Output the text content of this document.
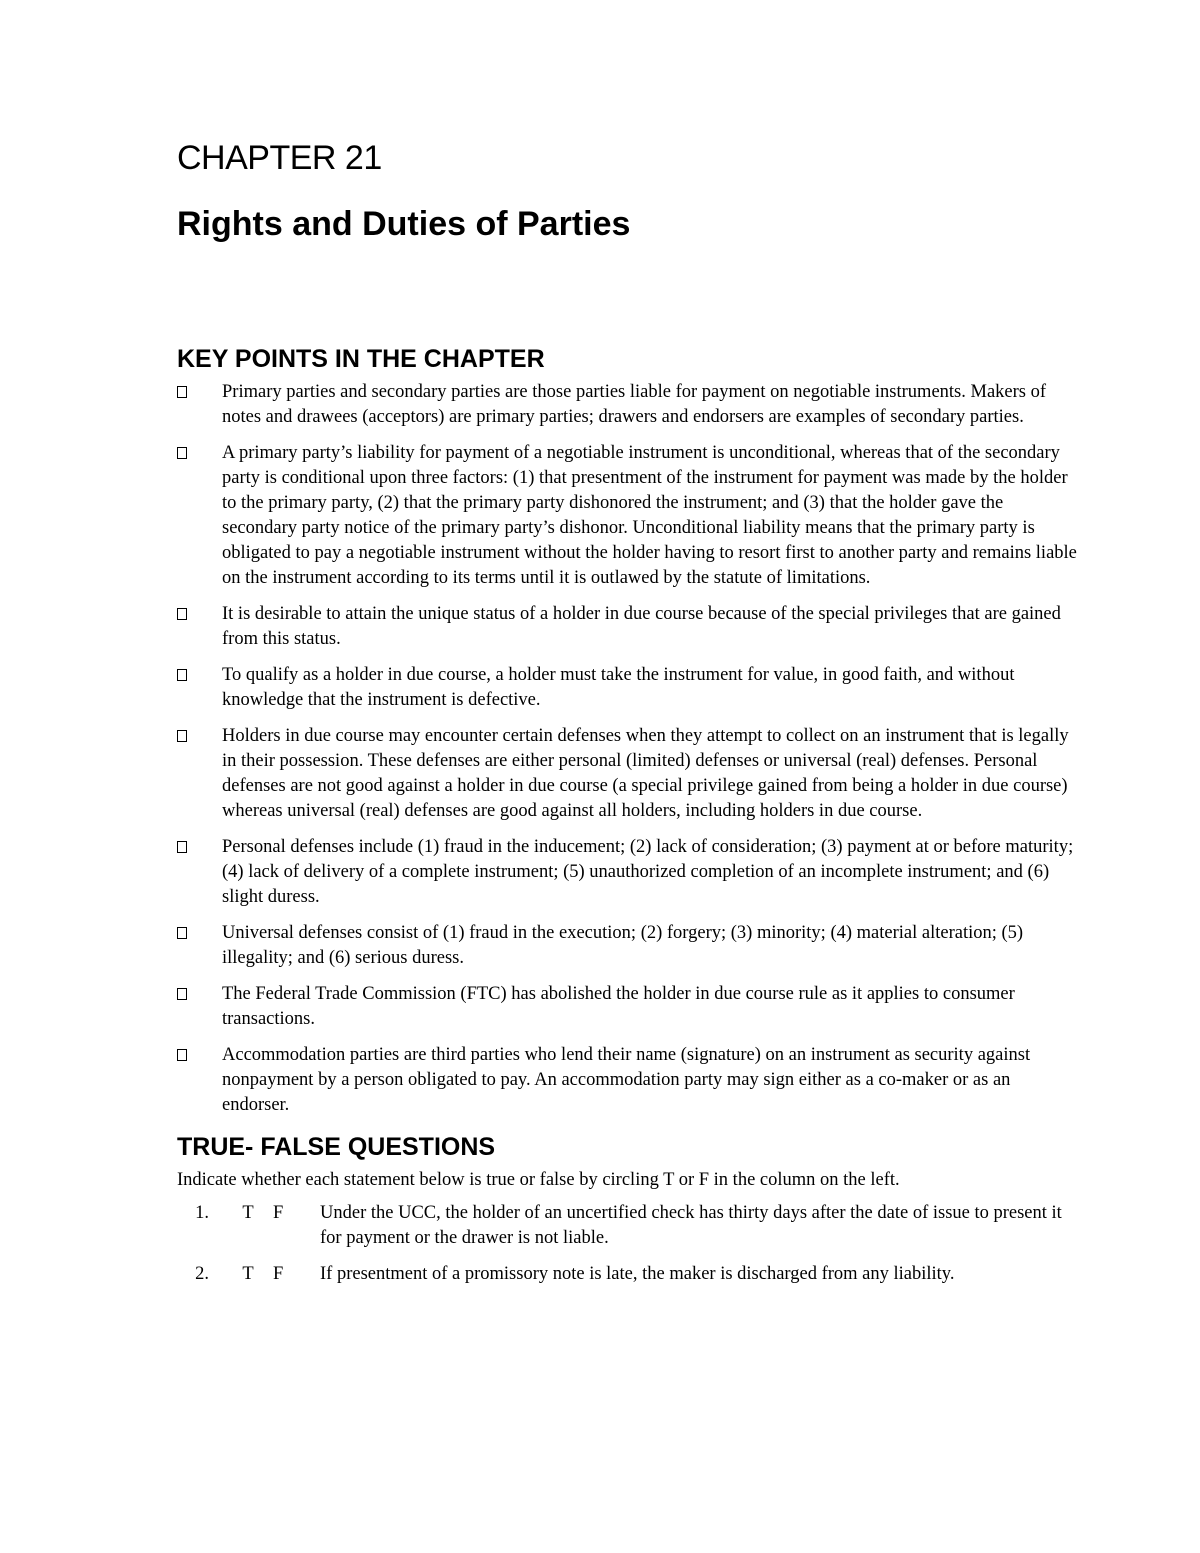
CHAPTER 21
Rights and Duties of Parties
KEY POINTS IN THE CHAPTER
Primary parties and secondary parties are those parties liable for payment on negotiable instruments. Makers of notes and drawees (acceptors) are primary parties; drawers and endorsers are examples of secondary parties.
A primary party’s liability for payment of a negotiable instrument is unconditional, whereas that of the secondary party is conditional upon three factors: (1) that presentment of the instrument for payment was made by the holder to the primary party, (2) that the primary party dishonored the instrument; and (3) that the holder gave the secondary party notice of the primary party’s dishonor. Unconditional liability means that the primary party is obligated to pay a negotiable instrument without the holder having to resort first to another party and remains liable on the instrument according to its terms until it is outlawed by the statute of limitations.
It is desirable to attain the unique status of a holder in due course because of the special privileges that are gained from this status.
To qualify as a holder in due course, a holder must take the instrument for value, in good faith, and without knowledge that the instrument is defective.
Holders in due course may encounter certain defenses when they attempt to collect on an instrument that is legally in their possession. These defenses are either personal (limited) defenses or universal (real) defenses. Personal defenses are not good against a holder in due course (a special privilege gained from being a holder in due course) whereas universal (real) defenses are good against all holders, including holders in due course.
Personal defenses include (1) fraud in the inducement; (2) lack of consideration; (3) payment at or before maturity; (4) lack of delivery of a complete instrument; (5) unauthorized completion of an incomplete instrument; and (6) slight duress.
Universal defenses consist of (1) fraud in the execution; (2) forgery; (3) minority; (4) material alteration; (5) illegality; and (6) serious duress.
The Federal Trade Commission (FTC) has abolished the holder in due course rule as it applies to consumer transactions.
Accommodation parties are third parties who lend their name (signature) on an instrument as security against nonpayment by a person obligated to pay. An accommodation party may sign either as a co-maker or as an endorser.
TRUE- FALSE QUESTIONS

Indicate whether each statement below is true or false by circling T or F in the column on the left.

1.	T	F	Under the UCC, the holder of an uncertified check has thirty days after the date of issue to present it for payment or the drawer is not liable.
2.	T	F	If presentment of a promissory note is late, the maker is discharged from any liability.
